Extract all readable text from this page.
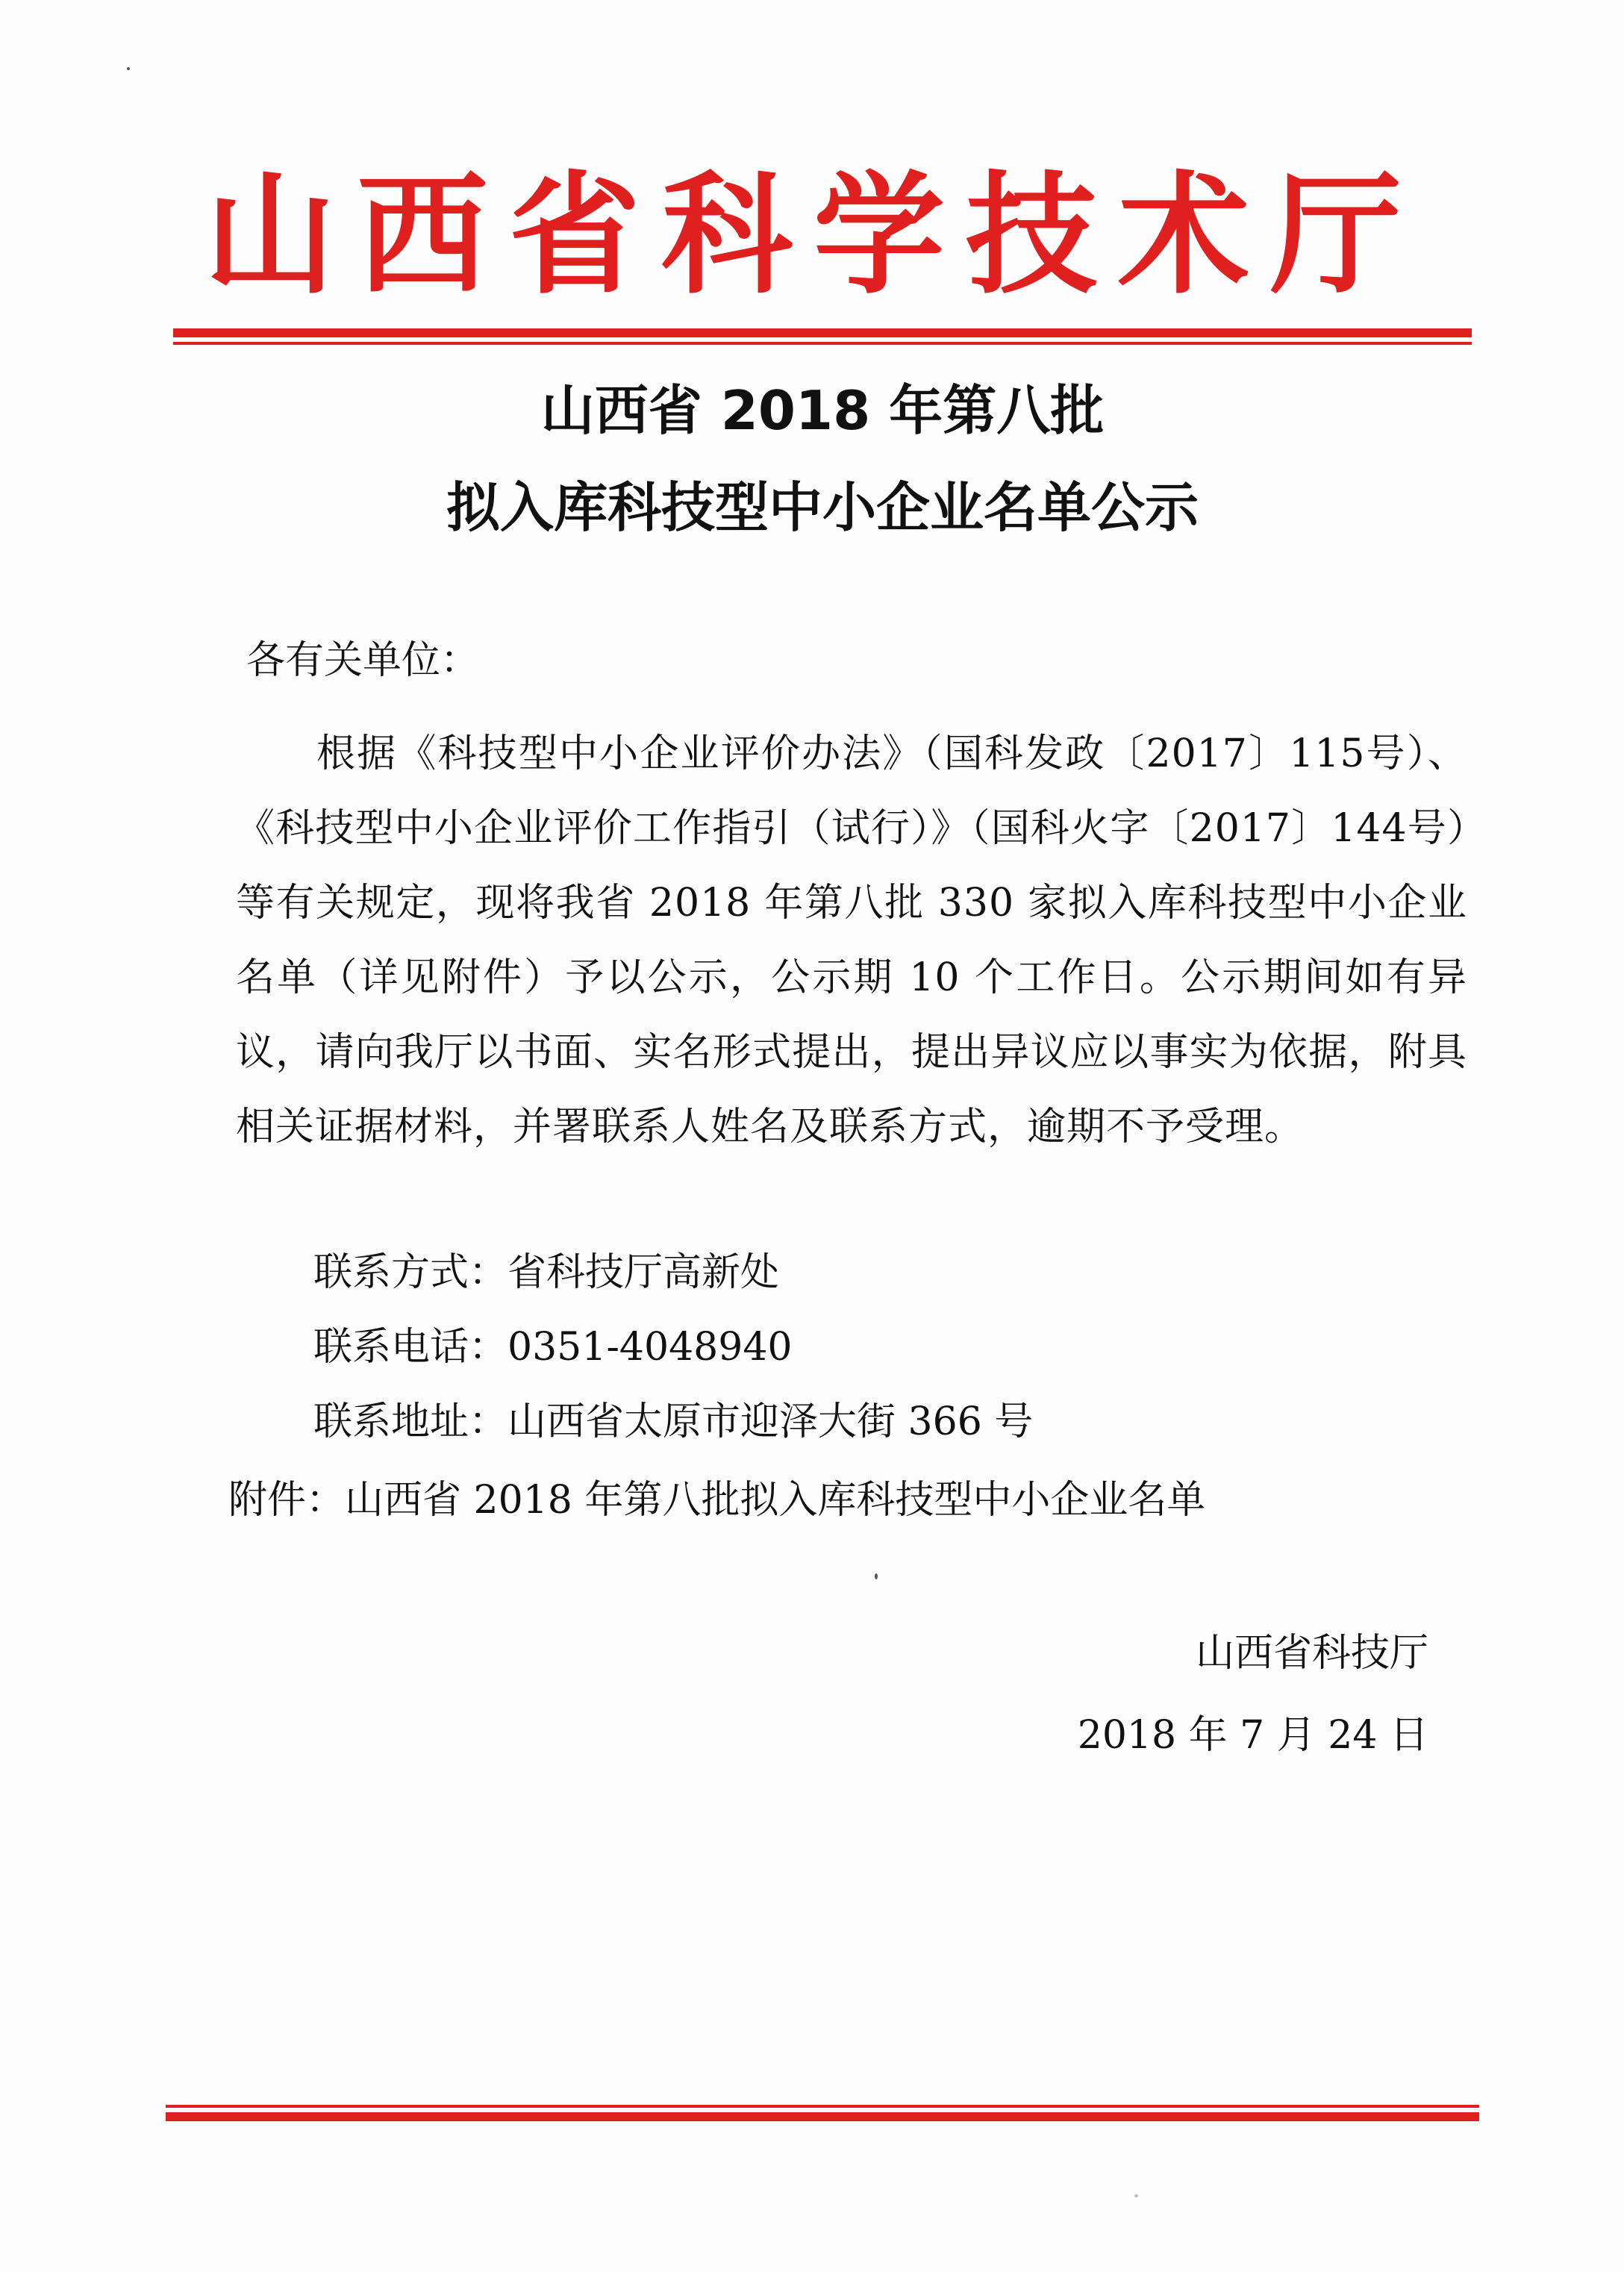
山西省科学技术厅
山西省 2018 年第八批
拟入库科技型中小企业名单公示
各有关单位：
根据《科技型中小企业评价办法》（国科发政〔2017〕115号）、《科技型中小企业评价工作指引（试行）》（国科火字〔2017〕144号）等有关规定，现将我省 2018 年第八批 330 家拟入库科技型中小企业名单（详见附件）予以公示，公示期 10 个工作日。公示期间如有异议，请向我厅以书面、实名形式提出，提出异议应以事实为依据，附具相关证据材料，并署联系人姓名及联系方式，逾期不予受理。
联系方式：省科技厅高新处
联系电话：0351-4048940
联系地址：山西省太原市迎泽大街 366 号
附件：山西省 2018 年第八批拟入库科技型中小企业名单
山西省科技厅
2018 年 7 月 24 日
